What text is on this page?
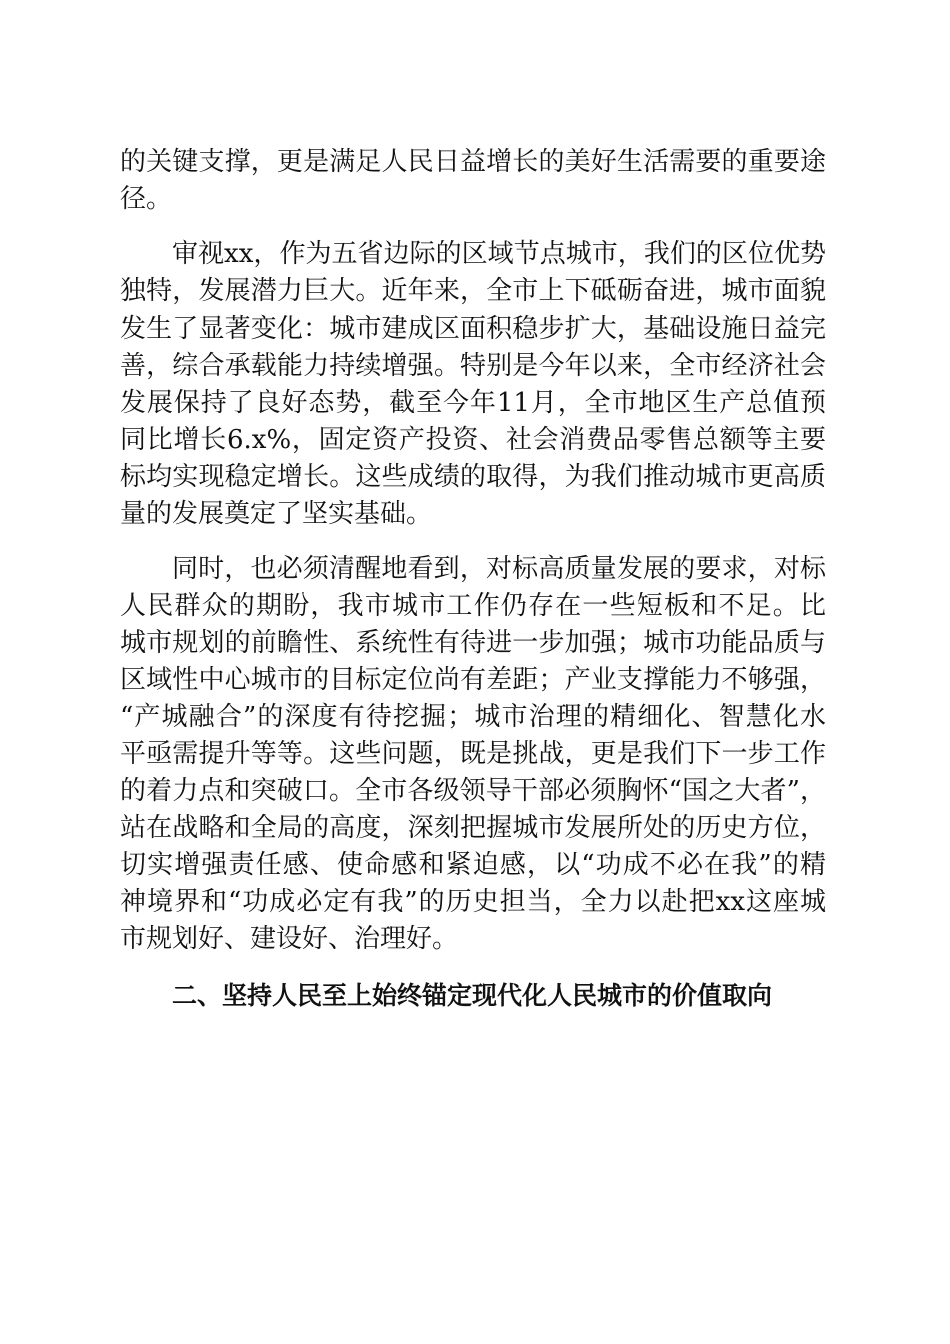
的关键支撑，更是满足人民日益增长的美好生活需要的重要途
径。
审视xx，作为五省边际的区域节点城市，我们的区位优势
独特，发展潜力巨大。近年来，全市上下砥砺奋进，城市面貌
发生了显著变化：城市建成区面积稳步扩大，基础设施日益完
善，综合承载能力持续增强。特别是今年以来，全市经济社会
发展保持了良好态势，截至今年11月，全市地区生产总值预
同比增长6.x%，固定资产投资、社会消费品零售总额等主要
标均实现稳定增长。这些成绩的取得，为我们推动城市更高质
量的发展奠定了坚实基础。
同时，也必须清醒地看到，对标高质量发展的要求，对标
人民群众的期盼，我市城市工作仍存在一些短板和不足。比
城市规划的前瞻性、系统性有待进一步加强；城市功能品质与
区域性中心城市的目标定位尚有差距；产业支撑能力不够强，
“产城融合”的深度有待挖掘；城市治理的精细化、智慧化水
平亟需提升等等。这些问题，既是挑战，更是我们下一步工作
的着力点和突破口。全市各级领导干部必须胸怀“国之大者”，
站在战略和全局的高度，深刻把握城市发展所处的历史方位，
切实增强责任感、使命感和紧迫感，以“功成不必在我”的精
神境界和“功成必定有我”的历史担当，全力以赴把xx这座城
市规划好、建设好、治理好。
二、坚持人民至上始终锚定现代化人民城市的价值取向
